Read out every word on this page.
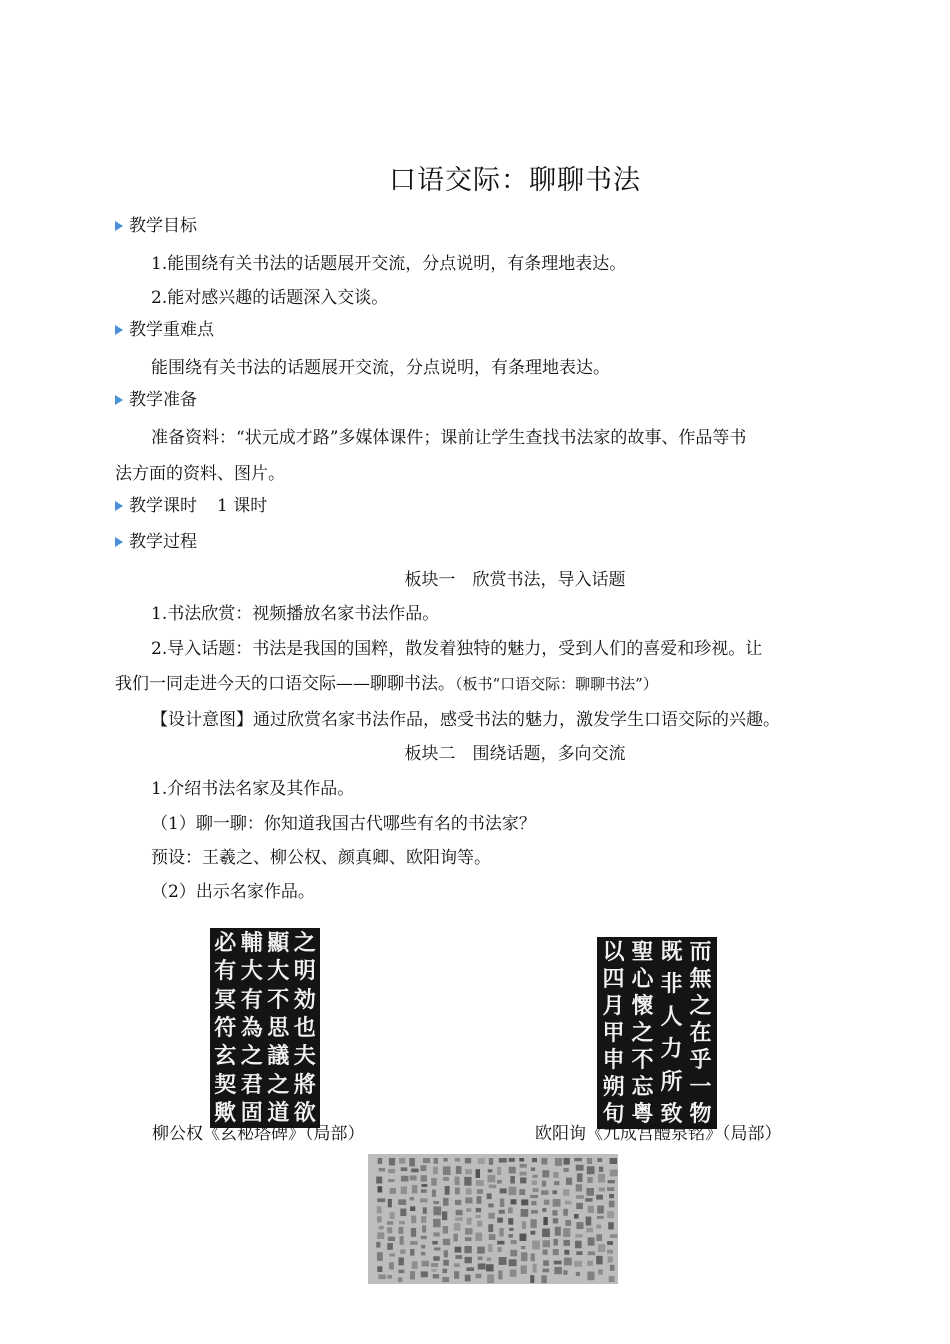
口语交际：聊聊书法
教学目标
1.能围绕有关书法的话题展开交流，分点说明，有条理地表达。
2.能对感兴趣的话题深入交谈。
教学重难点
能围绕有关书法的话题展开交流，分点说明，有条理地表达。
教学准备
准备资料：“状元成才路”多媒体课件；课前让学生查找书法家的故事、作品等书
法方面的资料、图片。
教学课时 1 课时
教学过程
板块一　欣赏书法，导入话题
1.书法欣赏：视频播放名家书法作品。
2.导入话题：书法是我国的国粹，散发着独特的魅力，受到人们的喜爱和珍视。让
我们一同走进今天的口语交际——聊聊书法。（板书“口语交际：聊聊书法”）
【设计意图】通过欣赏名家书法作品，感受书法的魅力，激发学生口语交际的兴趣。
板块二　围绕话题，多向交流
1.介绍书法名家及其作品。
（1）聊一聊：你知道我国古代哪些有名的书法家？
预设：王羲之、柳公权、颜真卿、欧阳询等。
（2）出示名家作品。
之
明
効
也
夫
將
欲
顯
大
不
思
議
之
道
輔
大
有
為
之
君
固
必
有
冥
符
玄
契
歟
而
無
之
在
乎
一
物
既
非
人
力
所
致
聖
心
懷
之
不
忘
粤
以
四
月
甲
申
朔
旬
柳公权《玄秘塔碑》（局部）	欧阳询《九成宫醴泉铭》（局部）
